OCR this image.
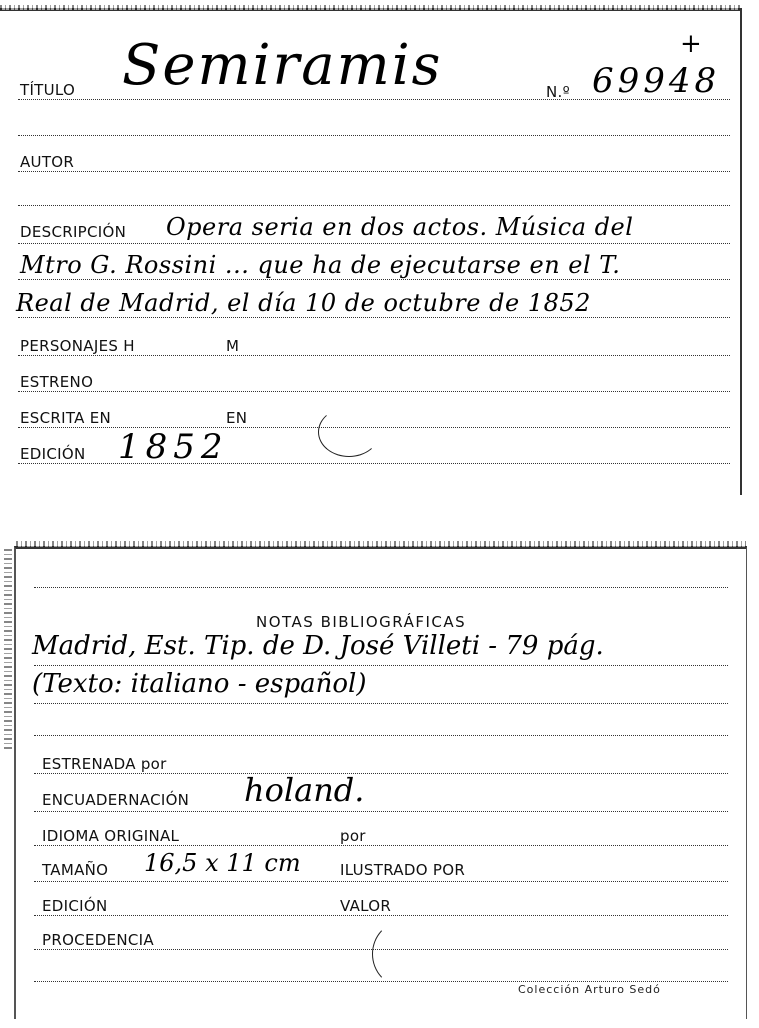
TÍTULO Semiramis	N.º 69948
+
AUTOR
DESCRIPCIÓN Opera seria en dos actos. Música del
Mtro G. Rossini ... que ha de ejecutarse en el T.
Real de Madrid, el día 10 de octubre de 1852
PERSONAJES H	M
ESTRENO
ESCRITA EN	EN
EDICIÓN 1852
NOTAS BIBLIOGRÁFICAS
Madrid, Est. Tip. de D. José Villeti - 79 pág.
(Texto: italiano - español)
ESTRENADA por
ENCUADERNACIÓN holand.
IDIOMA ORIGINAL	por
TAMAÑO 16,5 x 11 cm	ILUSTRADO POR
EDICIÓN	VALOR
PROCEDENCIA
Colección Arturo Sedó
